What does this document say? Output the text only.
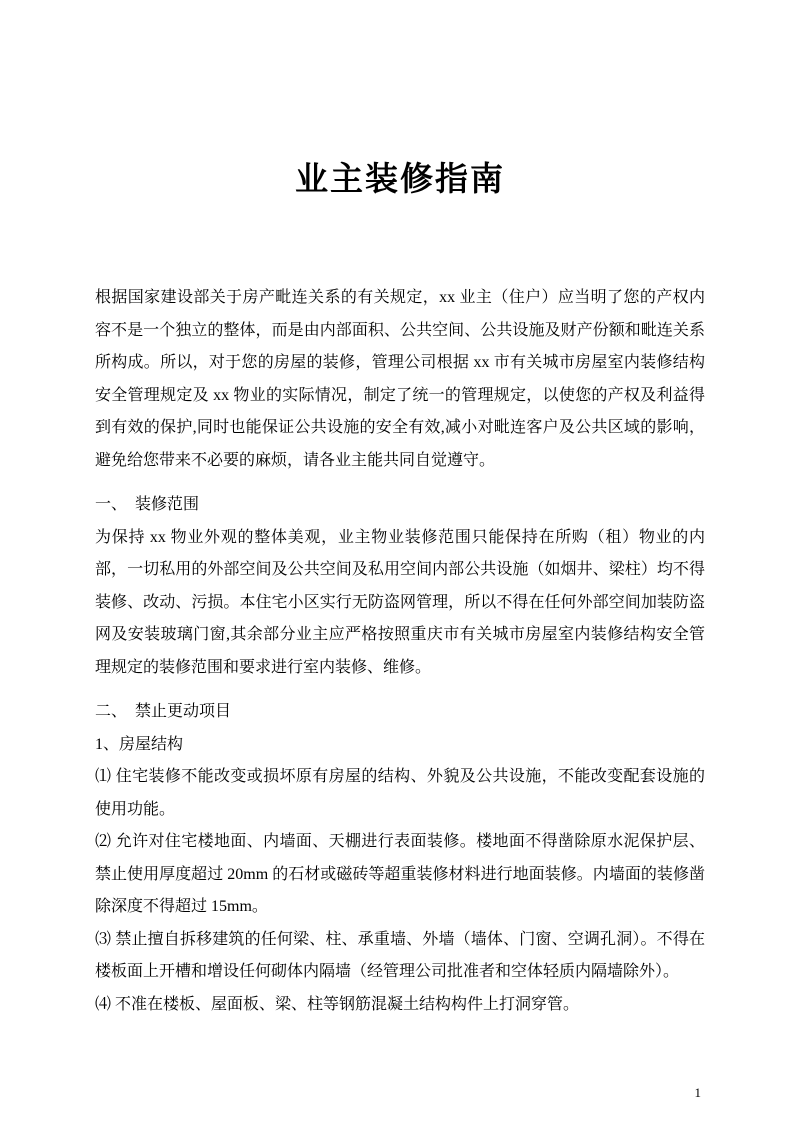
业主装修指南

根据国家建设部关于房产毗连关系的有关规定，xx 业主（住户）应当明了您的产权内容不是一个独立的整体，而是由内部面积、公共空间、公共设施及财产份额和毗连关系所构成。所以，对于您的房屋的装修，管理公司根据 xx 市有关城市房屋室内装修结构安全管理规定及 xx 物业的实际情况，制定了统一的管理规定，以使您的产权及利益得到有效的保护,同时也能保证公共设施的安全有效,减小对毗连客户及公共区域的影响，避免给您带来不必要的麻烦，请各业主能共同自觉遵守。

一、　装修范围

为保持 xx 物业外观的整体美观，业主物业装修范围只能保持在所购（租）物业的内部，一切私用的外部空间及公共空间及私用空间内部公共设施（如烟井、梁柱）均不得装修、改动、污损。本住宅小区实行无防盗网管理，所以不得在任何外部空间加装防盗网及安装玻璃门窗,其余部分业主应严格按照重庆市有关城市房屋室内装修结构安全管理规定的装修范围和要求进行室内装修、维修。

二、　禁止更动项目

1、房屋结构

⑴ 住宅装修不能改变或损坏原有房屋的结构、外貌及公共设施，不能改变配套设施的使用功能。

⑵ 允许对住宅楼地面、内墙面、天棚进行表面装修。楼地面不得凿除原水泥保护层、禁止使用厚度超过 20mm 的石材或磁砖等超重装修材料进行地面装修。内墙面的装修凿除深度不得超过 15mm。

⑶ 禁止擅自拆移建筑的任何梁、柱、承重墙、外墙（墙体、门窗、空调孔洞）。不得在楼板面上开槽和增设任何砌体内隔墙（经管理公司批准者和空体轻质内隔墙除外）。

⑷ 不准在楼板、屋面板、梁、柱等钢筋混凝土结构构件上打洞穿管。

1
